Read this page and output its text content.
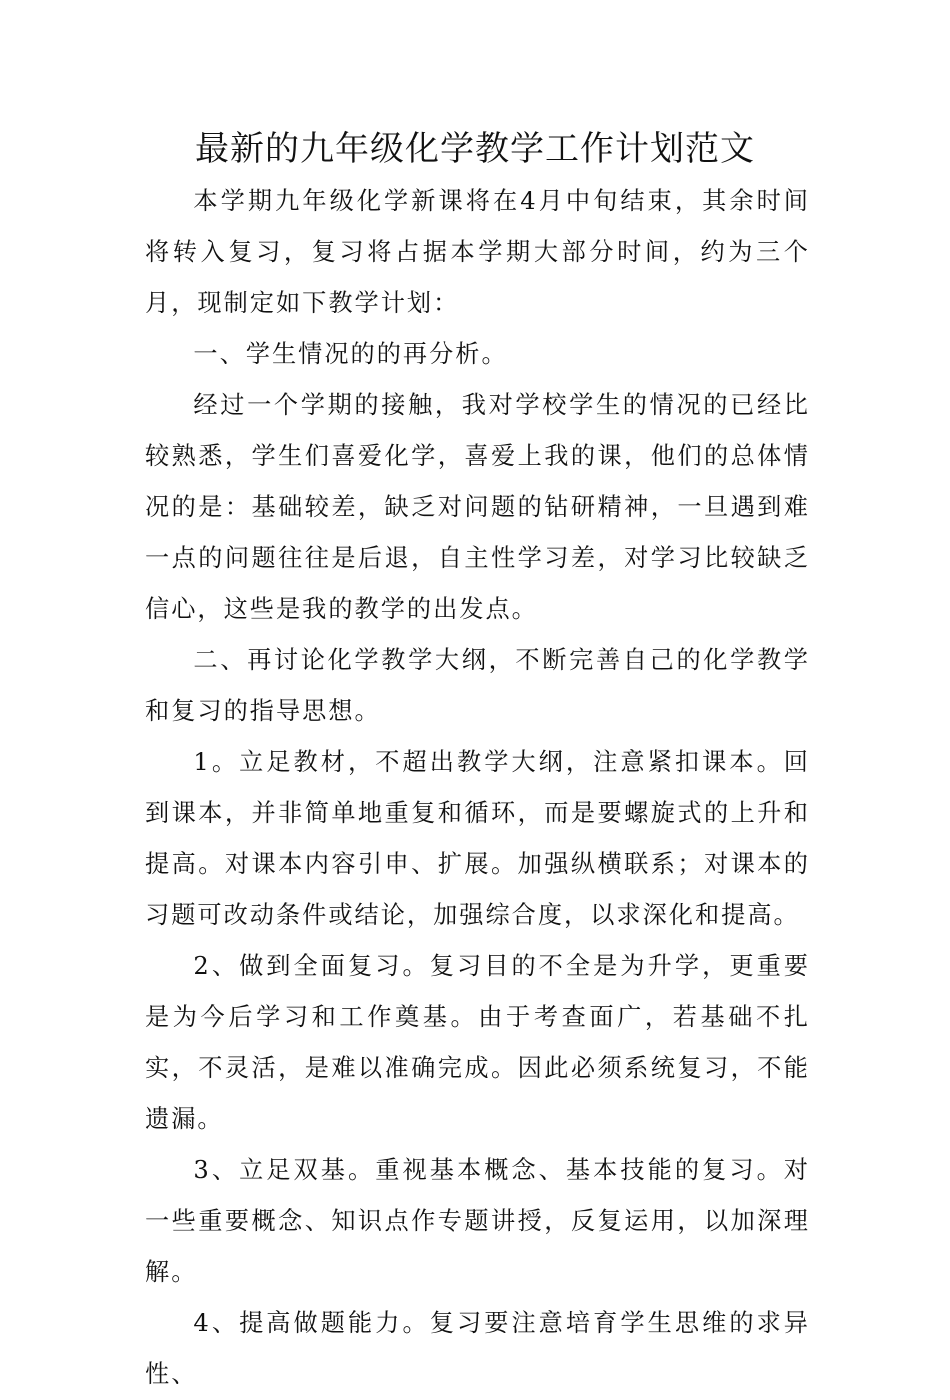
最新的九年级化学教学工作计划范文

本学期九年级化学新课将在4月中旬结束，其余时间将转入复习，复习将占据本学期大部分时间，约为三个月，现制定如下教学计划：

一、学生情况的的再分析。

经过一个学期的接触，我对学校学生的情况的已经比较熟悉，学生们喜爱化学，喜爱上我的课，他们的总体情况的是：基础较差，缺乏对问题的钻研精神，一旦遇到难一点的问题往往是后退，自主性学习差，对学习比较缺乏信心，这些是我的教学的出发点。

二、再讨论化学教学大纲，不断完善自己的化学教学和复习的指导思想。

1。立足教材，不超出教学大纲，注意紧扣课本。回到课本，并非简单地重复和循环，而是要螺旋式的上升和提高。对课本内容引申、扩展。加强纵横联系；对课本的习题可改动条件或结论，加强综合度，以求深化和提高。

2、做到全面复习。复习目的不全是为升学，更重要是为今后学习和工作奠基。由于考查面广，若基础不扎实，不灵活，是难以准确完成。因此必须系统复习，不能遗漏。

3、立足双基。重视基本概念、基本技能的复习。对一些重要概念、知识点作专题讲授，反复运用，以加深理解。

4、提高做题能力。复习要注意培育学生思维的求异性、
